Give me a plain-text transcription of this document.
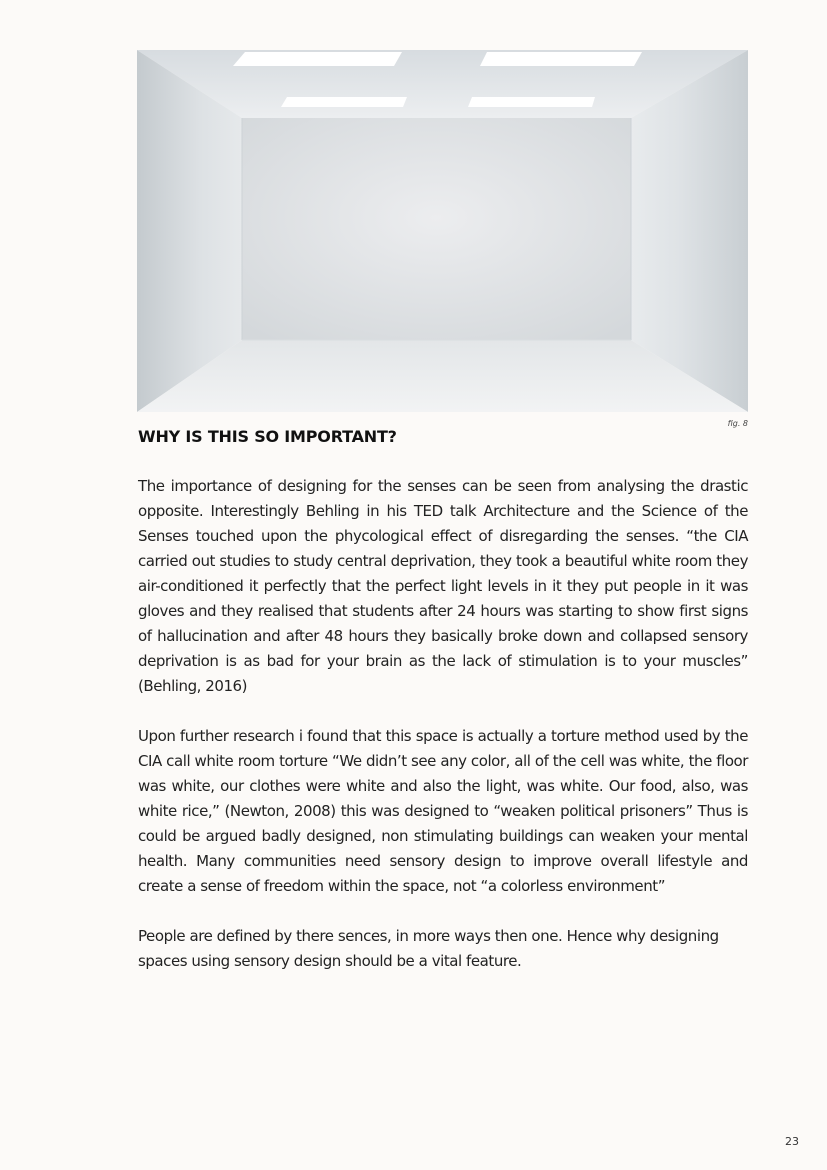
fig. 8
WHY IS THIS SO IMPORTANT?

The importance of designing for the senses can be seen from analysing the drastic opposite. Interestingly Behling in his TED talk Architecture and the Science of the Senses touched upon the phycological effect of disregarding the senses. “the CIA carried out studies to study central deprivation, they took a beautiful white room they air-conditioned it perfectly that the perfect light levels in it they put people in it was gloves and they realised that students after 24 hours was starting to show first signs of hallucination and after 48 hours they basically broke down and collapsed sensory deprivation is as bad for your brain as the lack of stimulation is to your muscles” (Behling, 2016)

Upon further research i found that this space is actually a torture method used by the CIA call white room torture “We didn’t see any color, all of the cell was white, the floor was white, our clothes were white and also the light, was white. Our food, also, was white rice,” (Newton, 2008) this was designed to “weaken political prisoners” Thus is could be argued badly designed, non stimulating buildings can weaken your mental health. Many communities need sensory design to improve overall lifestyle and create a sense of freedom within the space, not “a colorless environment”

People are defined by there sences, in more ways then one. Hence why designing spaces using sensory design should be a vital feature.

23
